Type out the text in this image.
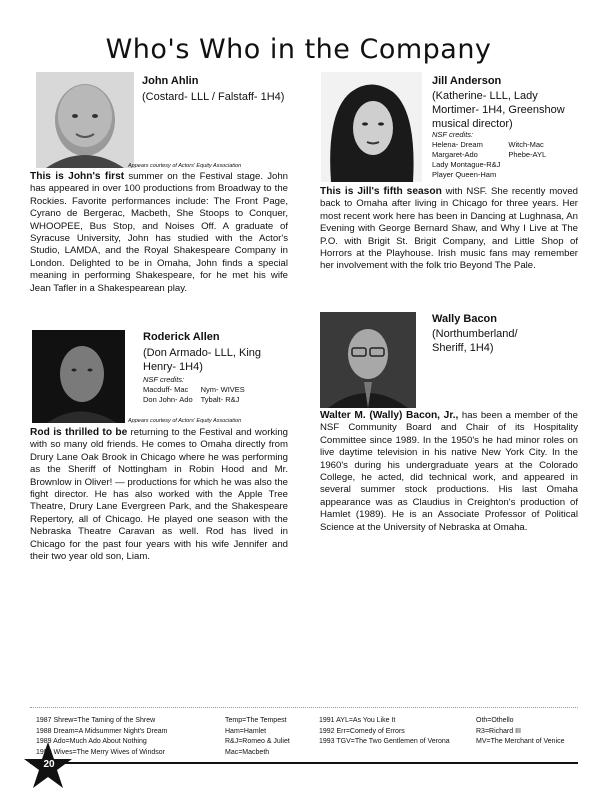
Who's Who in the Company
John Ahlin
(Costard- LLL / Falstaff- 1H4)
Appears courtesy of Actors' Equity Association
This is John's first summer on the Festival stage. John has appeared in over 100 productions from Broadway to the Rockies. Favorite performances include: The Front Page, Cyrano de Bergerac, Macbeth, She Stoops to Conquer, WHOOPEE, Bus Stop, and Noises Off. A graduate of Syracuse University, John has studied with the Actor's Studio, LAMDA, and the Royal Shakespeare Company in London. Delighted to be in Omaha, John finds a special meaning in performing Shakespeare, for he met his wife Jean Tafler in a Shakespearean play.
Jill Anderson
(Katherine- LLL, Lady Mortimer- 1H4, Greenshow musical director)
NSF credits:
Helena- Dream	Witch-Mac
Margaret-Ado	Phebe-AYL
Lady Montague-R&J	
Player Queen-Ham	
This is Jill's fifth season with NSF. She recently moved back to Omaha after living in Chicago for three years. Her most recent work here has been in Dancing at Lughnasa, An Evening with George Bernard Shaw, and Why I Live at The P.O. with Brigit St. Brigit Company, and Little Shop of Horrors at the Playhouse. Irish music fans may remember her involvement with the folk trio Beyond The Pale.
Roderick Allen
(Don Armado- LLL, King Henry- 1H4)
NSF credits:
Macduff- Mac	Nym- WIVES
Don John- Ado	Tybalt- R&J
Appears courtesy of Actors' Equity Association
Rod is thrilled to be returning to the Festival and working with so many old friends. He comes to Omaha directly from Drury Lane Oak Brook in Chicago where he was performing as the Sheriff of Nottingham in Robin Hood and Mr. Brownlow in Oliver! — productions for which he was also the fight director. He has also worked with the Apple Tree Theatre, Drury Lane Evergreen Park, and the Shakespeare Repertory, all of Chicago. He played one season with the Nebraska Theatre Caravan as well. Rod has lived in Chicago for the past four years with his wife Jennifer and their two year old son, Liam.
Wally Bacon
(Northumberland/ Sheriff, 1H4)
Walter M. (Wally) Bacon, Jr., has been a member of the NSF Community Board and Chair of its Hospitality Committee since 1989. In the 1950's he had minor roles on live daytime television in his native New York City. In the 1960's during his undergraduate years at the Colorado College, he acted, did technical work, and appeared in several summer stock productions. His last Omaha appearance was as Claudius in Creighton's production of Hamlet (1989). He is an Associate Professor of Political Science at the University of Nebraska at Omaha.
1987 Shrew=The Taming of the Shrew
1988 Dream=A Midsummer Night's Dream
1989 Ado=Much Ado About Nothing
1990 Wives=The Merry Wives of Windsor
Temp=The Tempest
Ham=Hamlet
R&J=Romeo & Juliet
Mac=Macbeth
1991 AYL=As You Like It
1992 Err=Comedy of Errors
1993 TGV=The Two Gentlemen of Verona
Oth=Othello
R3=Richard III
MV=The Merchant of Venice
20
